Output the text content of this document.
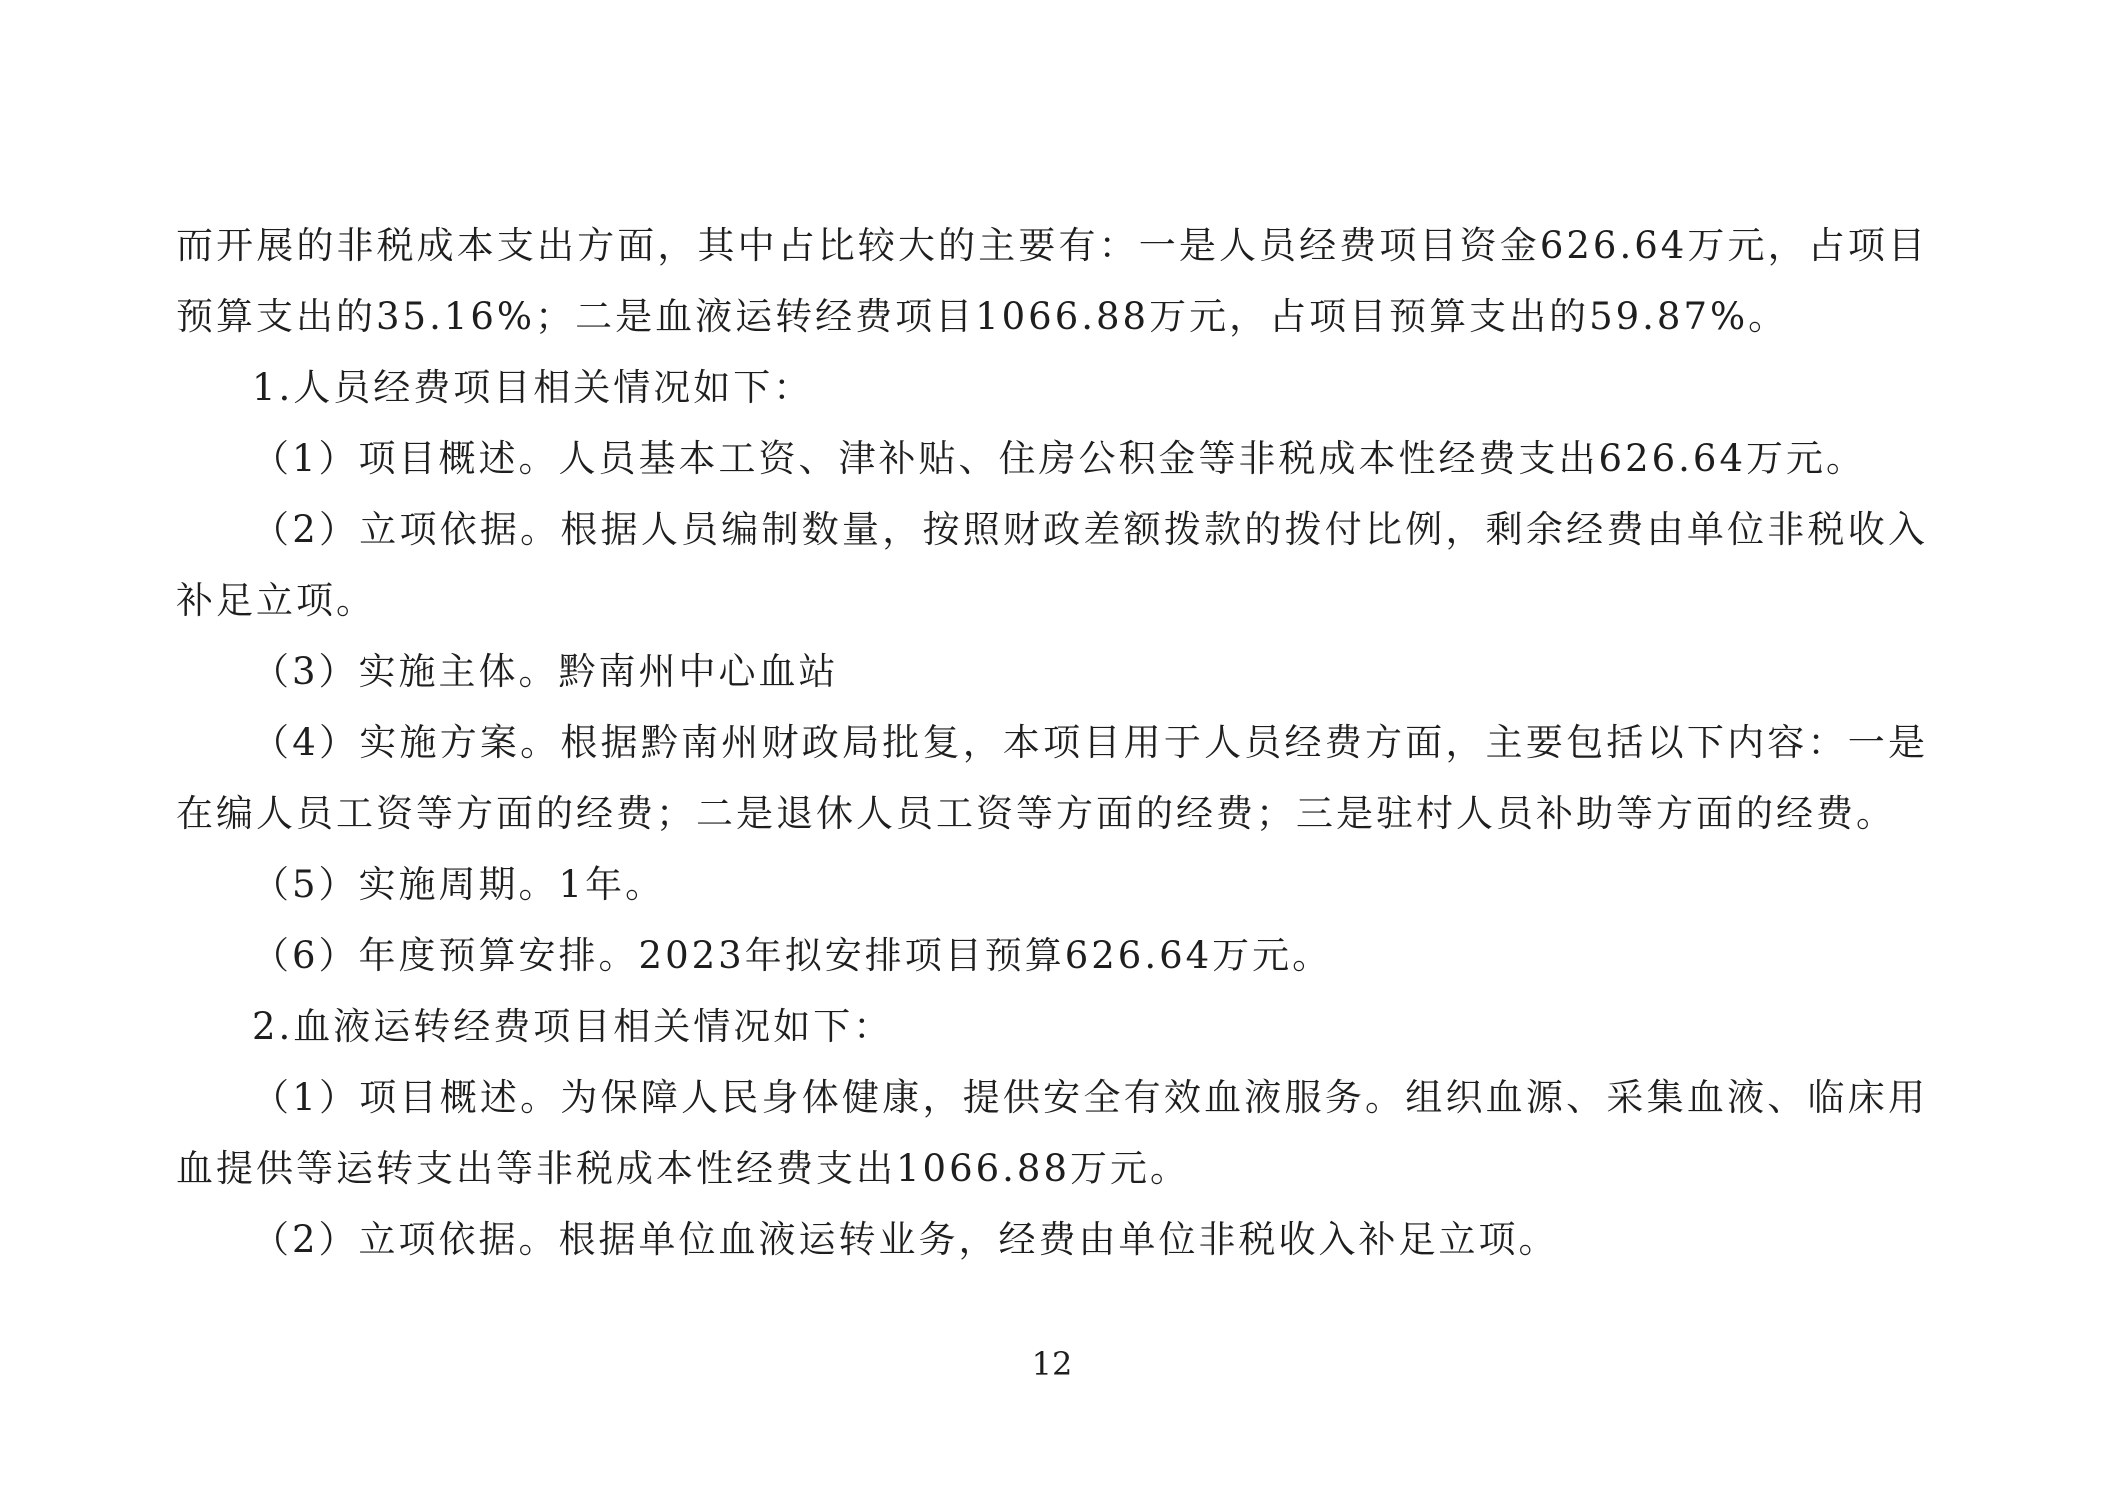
而开展的非税成本支出方面，其中占比较大的主要有：一是人员经费项目资金626.64万元，占项目预算支出的35.16%；二是血液运转经费项目1066.88万元，占项目预算支出的59.87%。

1.人员经费项目相关情况如下：

（1）项目概述。人员基本工资、津补贴、住房公积金等非税成本性经费支出626.64万元。

（2）立项依据。根据人员编制数量，按照财政差额拨款的拨付比例，剩余经费由单位非税收入补足立项。

（3）实施主体。黔南州中心血站

（4）实施方案。根据黔南州财政局批复，本项目用于人员经费方面，主要包括以下内容：一是在编人员工资等方面的经费；二是退休人员工资等方面的经费；三是驻村人员补助等方面的经费。

（5）实施周期。1年。

（6）年度预算安排。2023年拟安排项目预算626.64万元。

2.血液运转经费项目相关情况如下：

（1）项目概述。为保障人民身体健康，提供安全有效血液服务。组织血源、采集血液、临床用血提供等运转支出等非税成本性经费支出1066.88万元。

（2）立项依据。根据单位血液运转业务，经费由单位非税收入补足立项。

12
